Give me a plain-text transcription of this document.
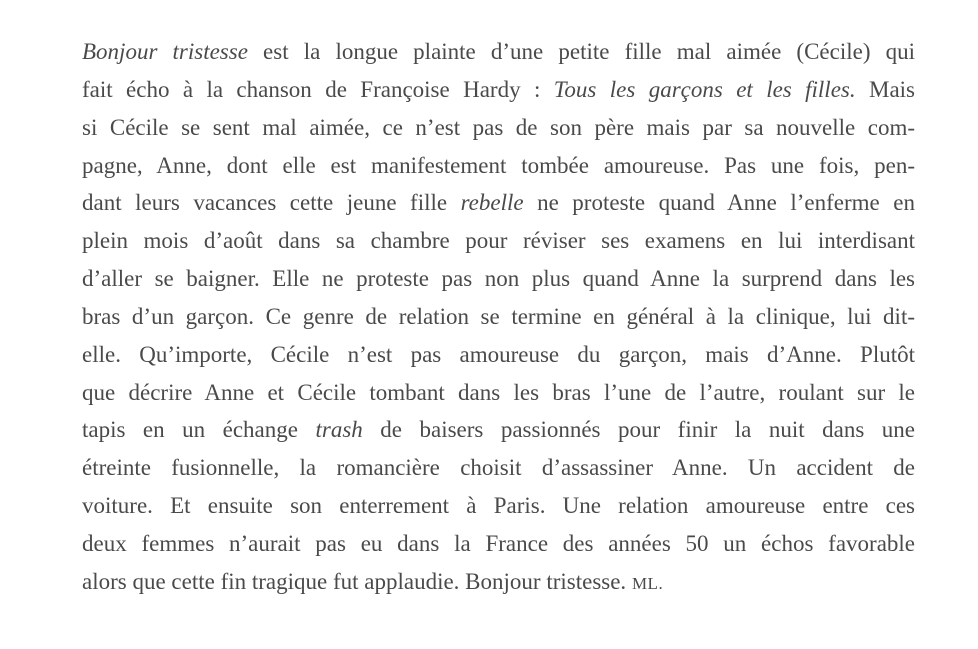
Bonjour tristesse est la longue plainte d’une petite fille mal aimée (Cécile) qui
fait écho à la chanson de Françoise Hardy : Tous les garçons et les filles. Mais
si Cécile se sent mal aimée, ce n’est pas de son père mais par sa nouvelle com-
pagne, Anne, dont elle est manifestement tombée amoureuse. Pas une fois, pen-
dant leurs vacances cette jeune fille rebelle ne proteste quand Anne l’enferme en
plein mois d’août dans sa chambre pour réviser ses examens en lui interdisant
d’aller se baigner. Elle ne proteste pas non plus quand Anne la surprend dans les
bras d’un garçon. Ce genre de relation se termine en général à la clinique, lui dit-
elle. Qu’importe, Cécile n’est pas amoureuse du garçon, mais d’Anne. Plutôt
que décrire Anne et Cécile tombant dans les bras l’une de l’autre, roulant sur le
tapis en un échange trash de baisers passionnés pour finir la nuit dans une
étreinte fusionnelle, la romancière choisit d’assassiner Anne. Un accident de
voiture. Et ensuite son enterrement à Paris. Une relation amoureuse entre ces
deux femmes n’aurait pas eu dans la France des années 50 un échos favorable
alors que cette fin tragique fut applaudie. Bonjour tristesse. ML.
